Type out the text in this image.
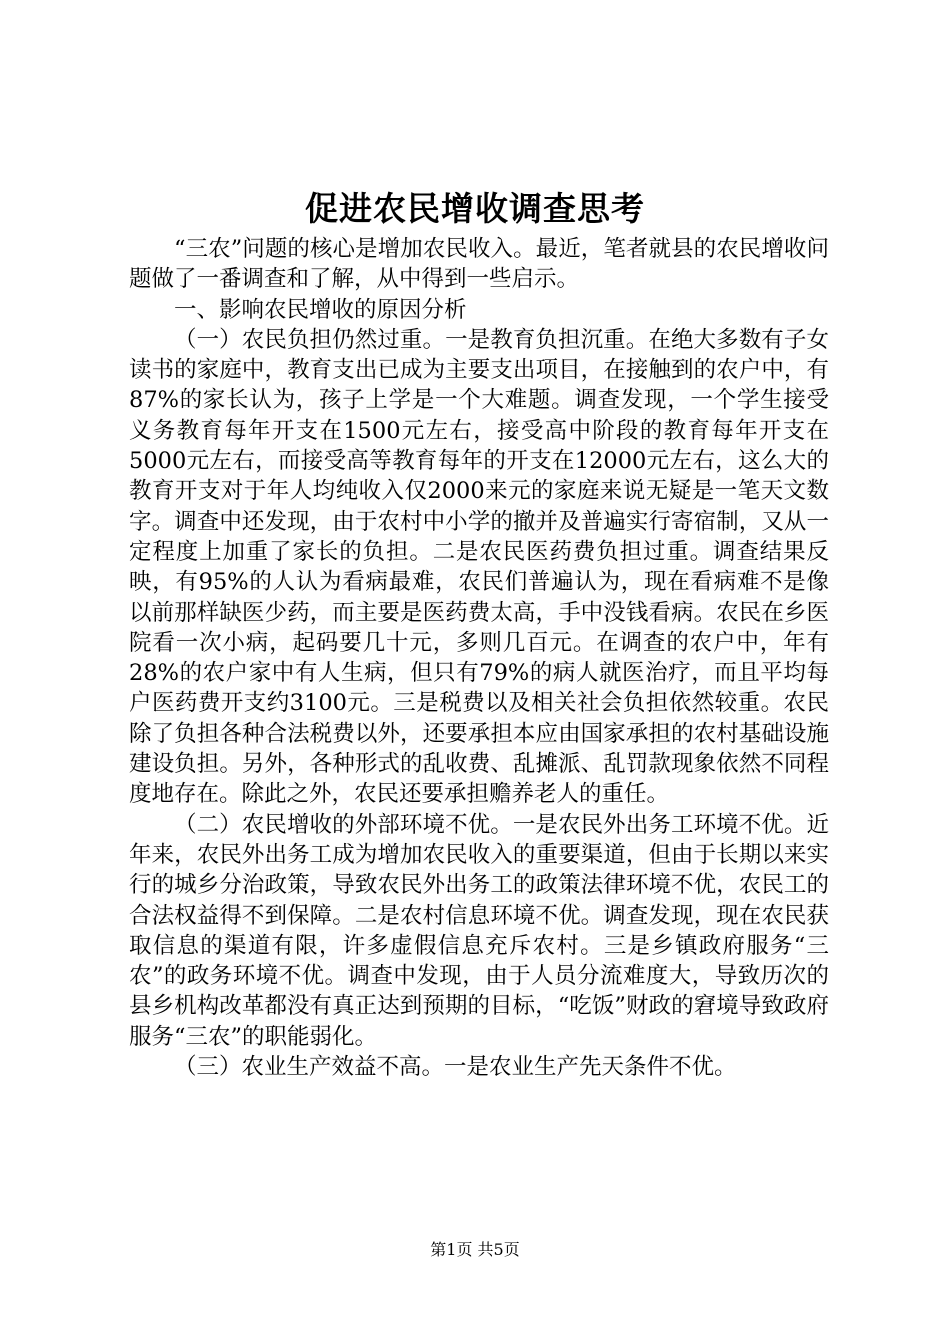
促进农民增收调查思考

“三农”问题的核心是增加农民收入。最近，笔者就县的农民增收问题做了一番调查和了解，从中得到一些启示。

一、影响农民增收的原因分析

（一）农民负担仍然过重。一是教育负担沉重。在绝大多数有子女读书的家庭中，教育支出已成为主要支出项目，在接触到的农户中，有87%的家长认为，孩子上学是一个大难题。调查发现，一个学生接受义务教育每年开支在1500元左右，接受高中阶段的教育每年开支在5000元左右，而接受高等教育每年的开支在12000元左右，这么大的教育开支对于年人均纯收入仅2000来元的家庭来说无疑是一笔天文数字。调查中还发现，由于农村中小学的撤并及普遍实行寄宿制，又从一定程度上加重了家长的负担。二是农民医药费负担过重。调查结果反映，有95%的人认为看病最难，农民们普遍认为，现在看病难不是像以前那样缺医少药，而主要是医药费太高，手中没钱看病。农民在乡医院看一次小病，起码要几十元，多则几百元。在调查的农户中，年有28%的农户家中有人生病，但只有79%的病人就医治疗，而且平均每户医药费开支约3100元。三是税费以及相关社会负担依然较重。农民除了负担各种合法税费以外，还要承担本应由国家承担的农村基础设施建设负担。另外，各种形式的乱收费、乱摊派、乱罚款现象依然不同程度地存在。除此之外，农民还要承担赡养老人的重任。

（二）农民增收的外部环境不优。一是农民外出务工环境不优。近年来，农民外出务工成为增加农民收入的重要渠道，但由于长期以来实行的城乡分治政策，导致农民外出务工的政策法律环境不优，农民工的合法权益得不到保障。二是农村信息环境不优。调查发现，现在农民获取信息的渠道有限，许多虚假信息充斥农村。三是乡镇政府服务“三农”的政务环境不优。调查中发现，由于人员分流难度大，导致历次的县乡机构改革都没有真正达到预期的目标，“吃饭”财政的窘境导致政府服务“三农”的职能弱化。

（三）农业生产效益不高。一是农业生产先天条件不优。

第1页 共5页
